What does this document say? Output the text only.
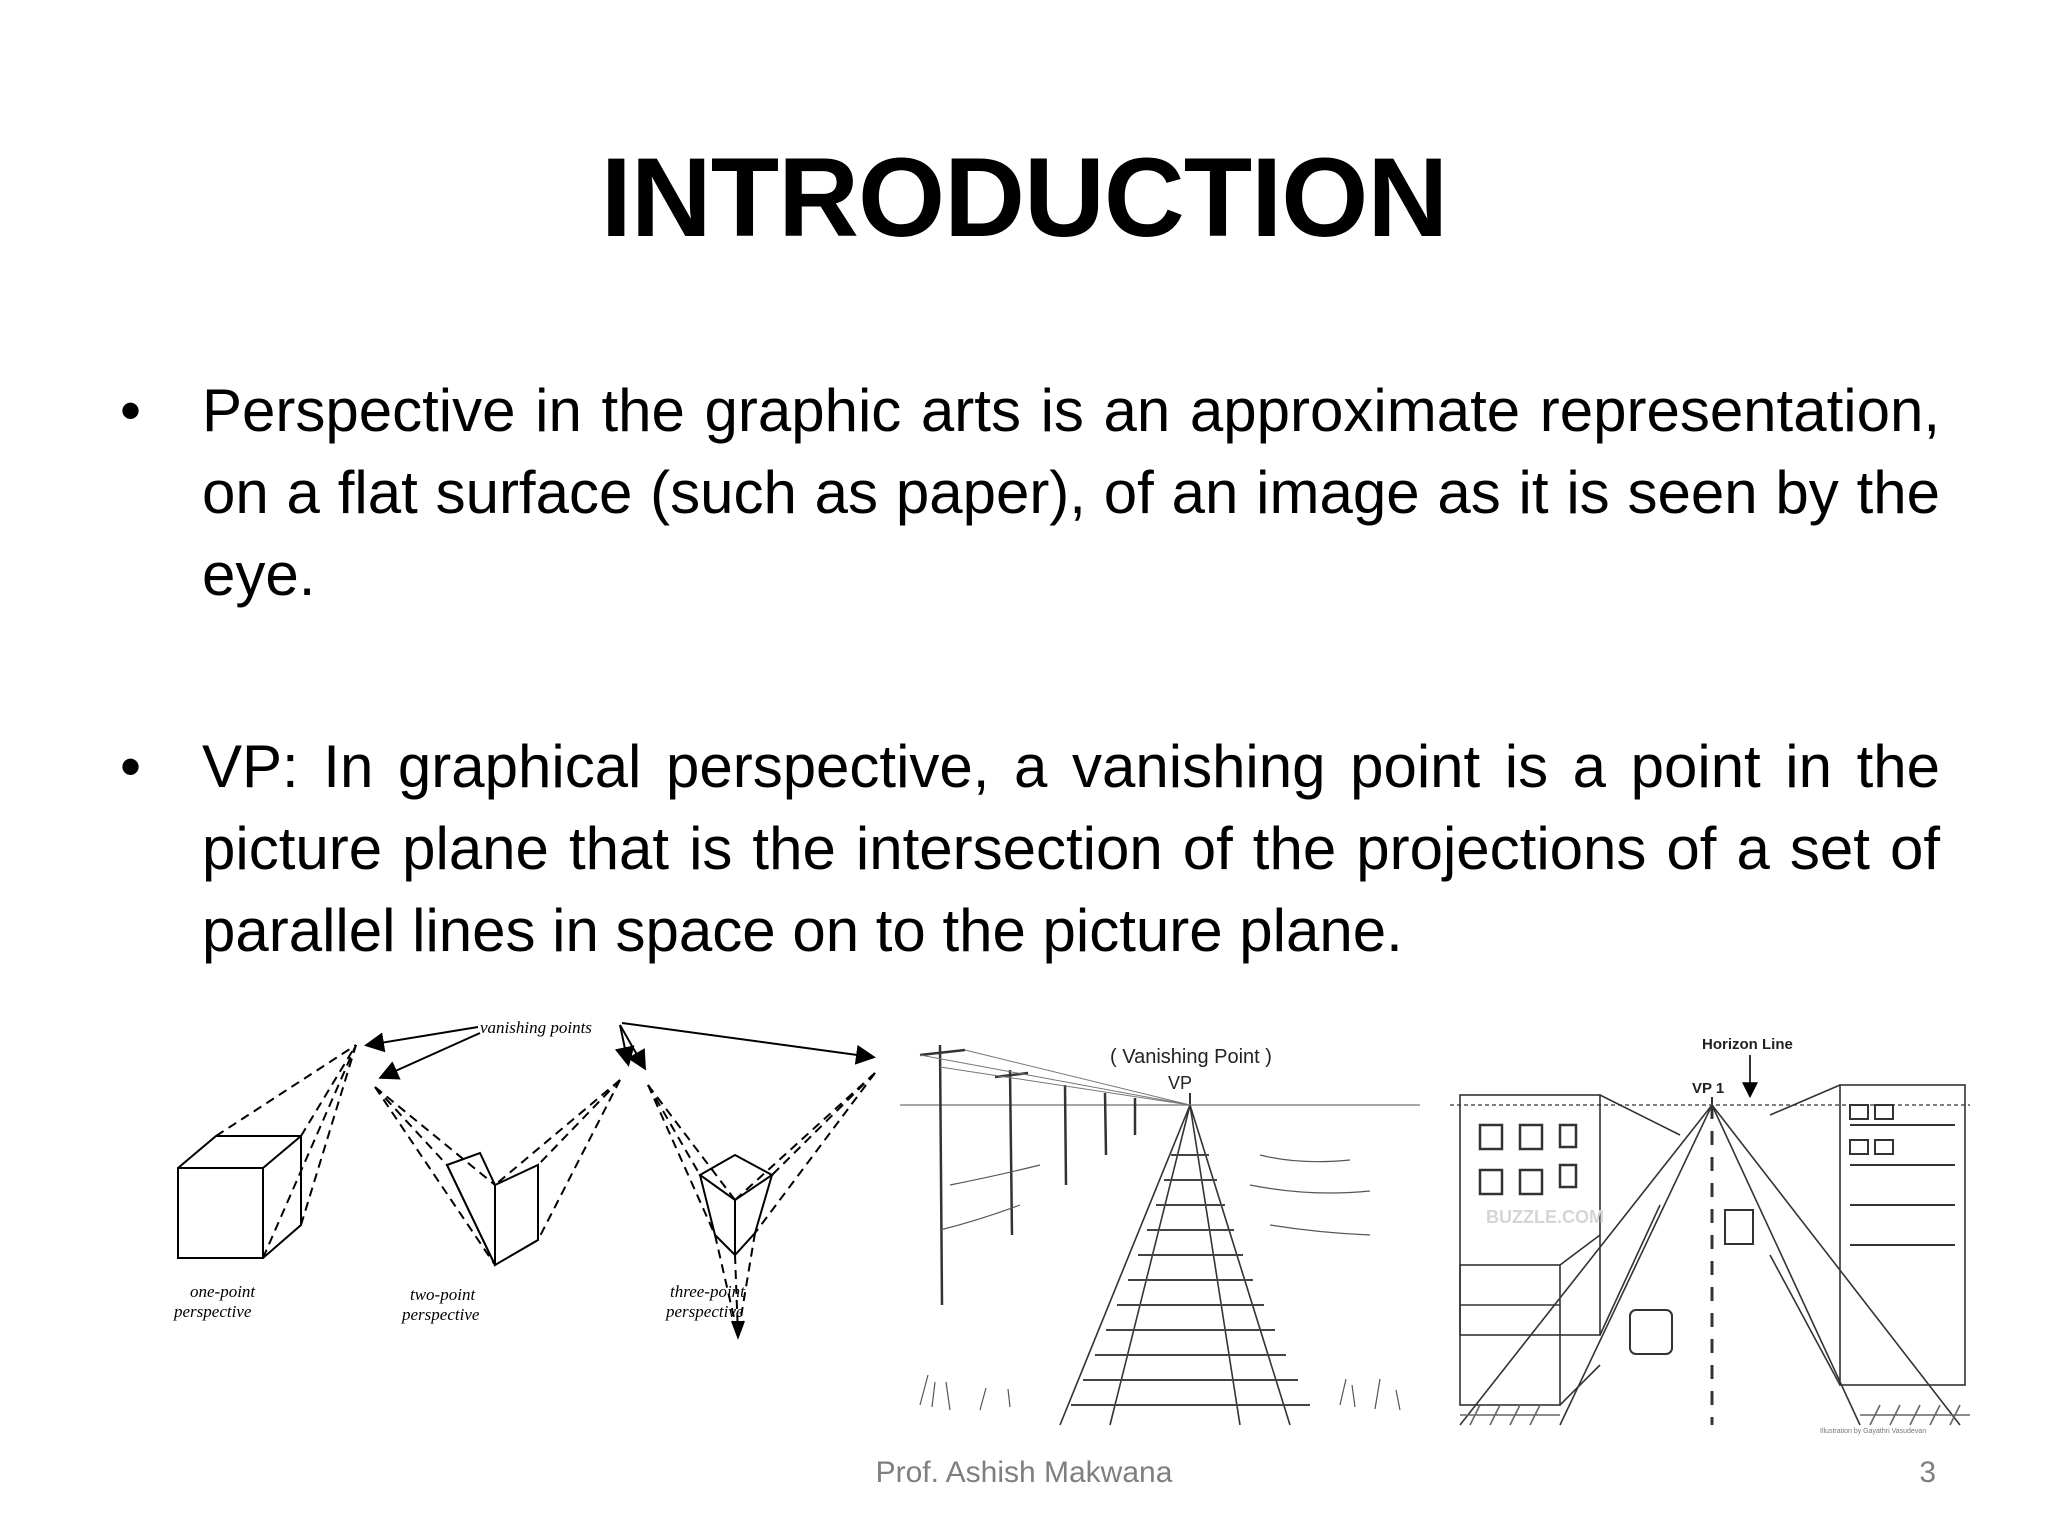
INTRODUCTION
• Perspective in the graphic arts is an approximate representation, on a flat surface (such as paper), of an image as it is seen by the eye.
• VP: In graphical perspective, a vanishing point is a point in the picture plane that is the intersection of the projections of a set of parallel lines in space on to the picture plane.
vanishing points
one-point
perspective
two-point
perspective
three-point
perspective
( Vanishing Point )
VP
Horizon Line
VP 1
BUZZLE.COM
Illustration by Gayathri Vasudevan
Prof. Ashish Makwana	3
